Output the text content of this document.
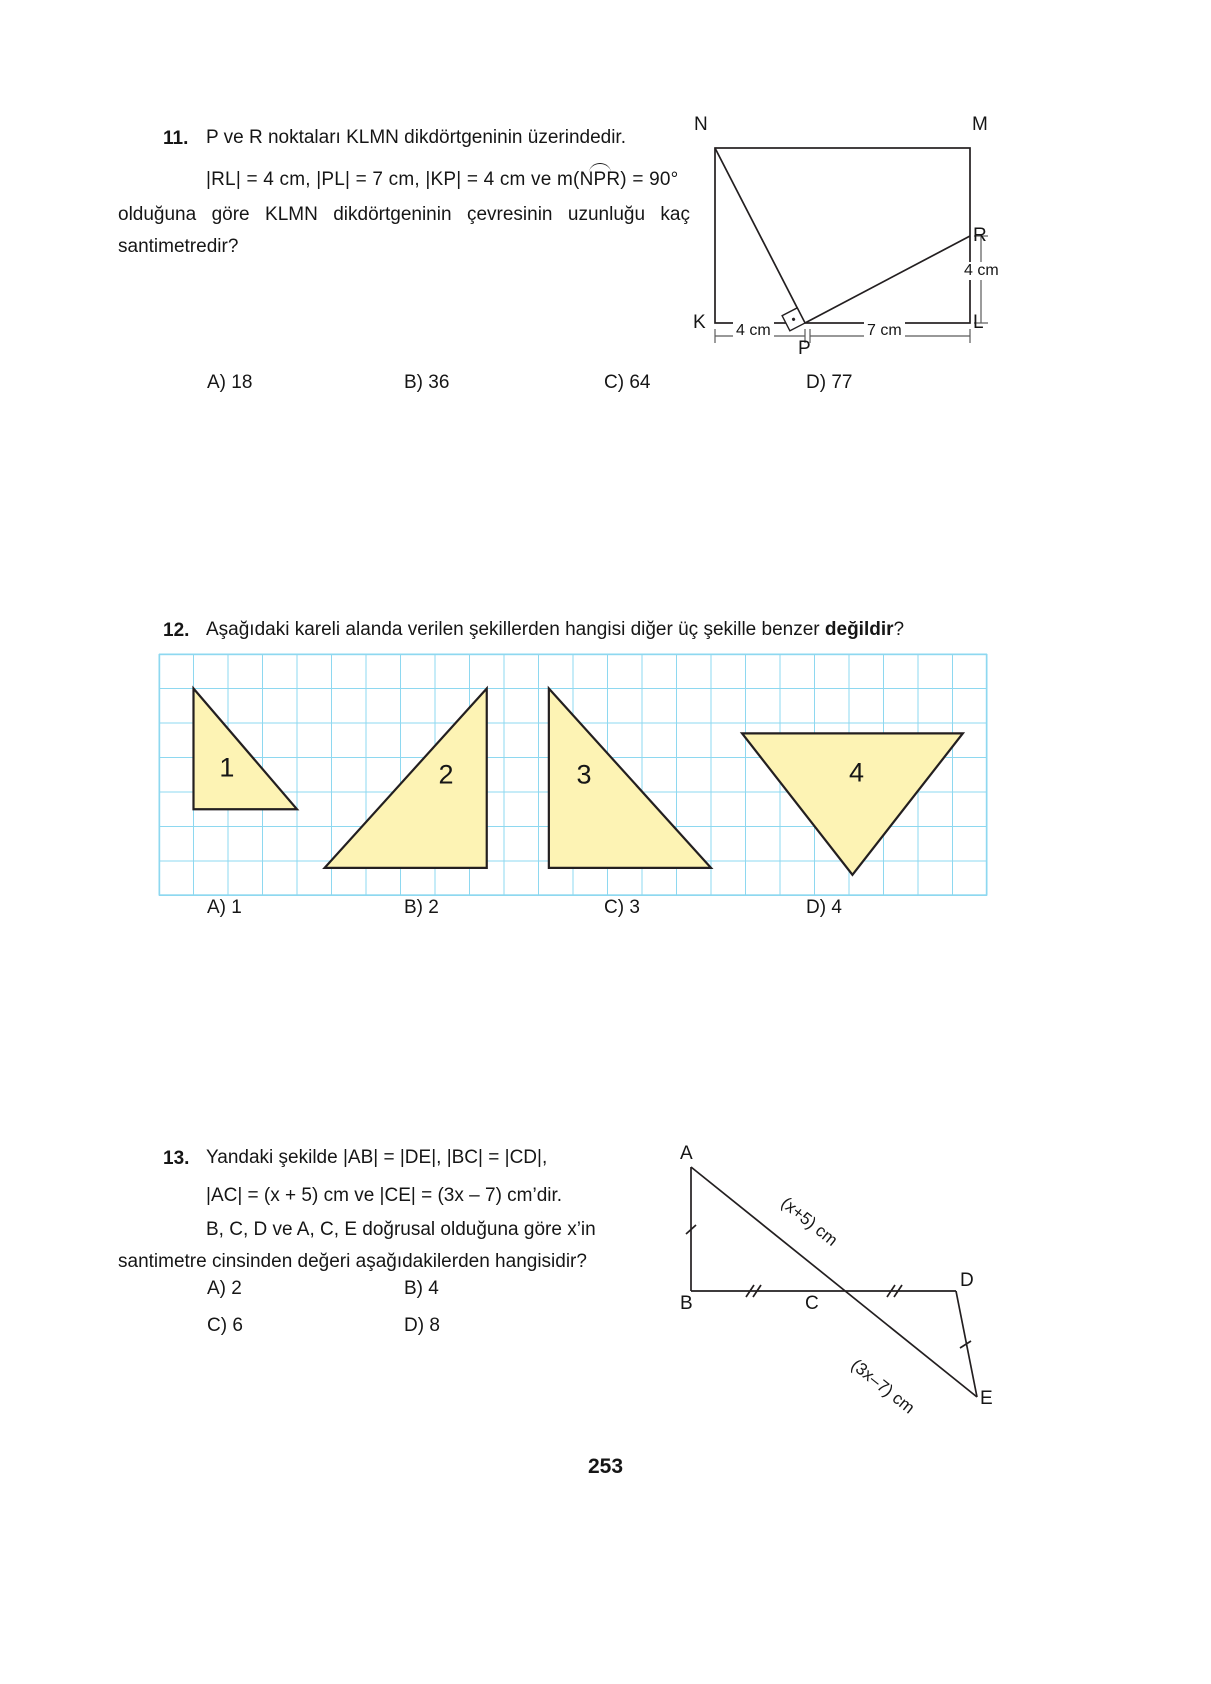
11. P ve R noktaları KLMN dikdörtgeninin üzerindedir.
|RL| = 4 cm, |PL| = 7 cm, |KP| = 4 cm ve m(
NPR) = 90°
olduğuna göre KLMN dikdörtgeninin çevresinin uzunluğu kaç
santimetredir?
N	M
K	L
R
P
4 cm	7 cm
4 cm
A) 18	B) 36	C) 64	D) 77
12. Aşağıdaki kareli alanda verilen şekillerden hangisi diğer üç şekille benzer değildir?
1	2	3	4
A) 1	B) 2	C) 3	D) 4
13. Yandaki şekilde |AB| = |DE|, |BC| = |CD|,
|AC| = (x + 5) cm ve |CE| = (3x – 7) cm’dir.
B, C, D ve A, C, E doğrusal olduğuna göre x’in
santimetre cinsinden değeri aşağıdakilerden hangisidir?
(x+5) cm
(3x–7) cm
A
B	C
D
E
A) 2	B) 4
C) 6	D) 8
253
